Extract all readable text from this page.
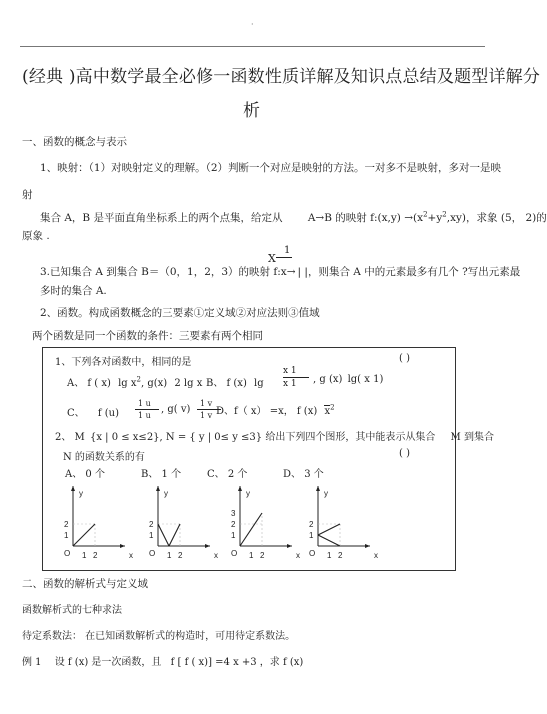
·
(经典 )高中数学最全必修一函数性质详解及知识点总结及题型详解分
析
一、函数的概念与表示
1、映射：（1）对映射定义的理解。（2）判断一个对应是映射的方法。一对多不是映射，多对一是映
射
集合 A，B 是平面直角坐标系上的两个点集，给定从 A→B 的映射 f:(x,y) $\to(x^2+y^2,xy)$，求象 (5， 2)的
原象 .
1
X
3.已知集合 A 到集合 B＝（0，1，2，3）的映射 f:x→ | |，则集合 A 中的元素最多有几个 ?写出元素最
多时的集合 A.
2、函数。构成函数概念的三要素①定义域②对应法则③值域
两个函数是同一个函数的条件：三要素有两个相同
1、下列各对函数中，相同的是	( )
A、 f ( x) $\lg x^2$, g(x) 2 lg x B、 f (x) lg
x 1
x 1 , g (x) lg( x 1)
C、 f (u)
1 u
1 u
, g( v)
1 v
1 v D、f（ x） =x， f (x) $x^2$
2、 M {x | 0 ≤ x≤2}, N = { y | 0≤ y ≤3} 给出下列四个图形，其中能表示从集合 M 到集合
N 的函数关系的有	( )
A、 0 个	B、 1 个	C、 2 个	D、 3 个
y
x
O 1 2
1
2
y
x
O 1 2
1
2
y
x
O 1 2
1
2
3
y
x
O 1 2
1
2
二、函数的解析式与定义域
函数解析式的七种求法
待定系数法： 在已知函数解析式的构造时，可用待定系数法。
例 1 设 f (x) 是一次函数，且 f [ f ( x)] =4 x +3 ，求 f (x)
